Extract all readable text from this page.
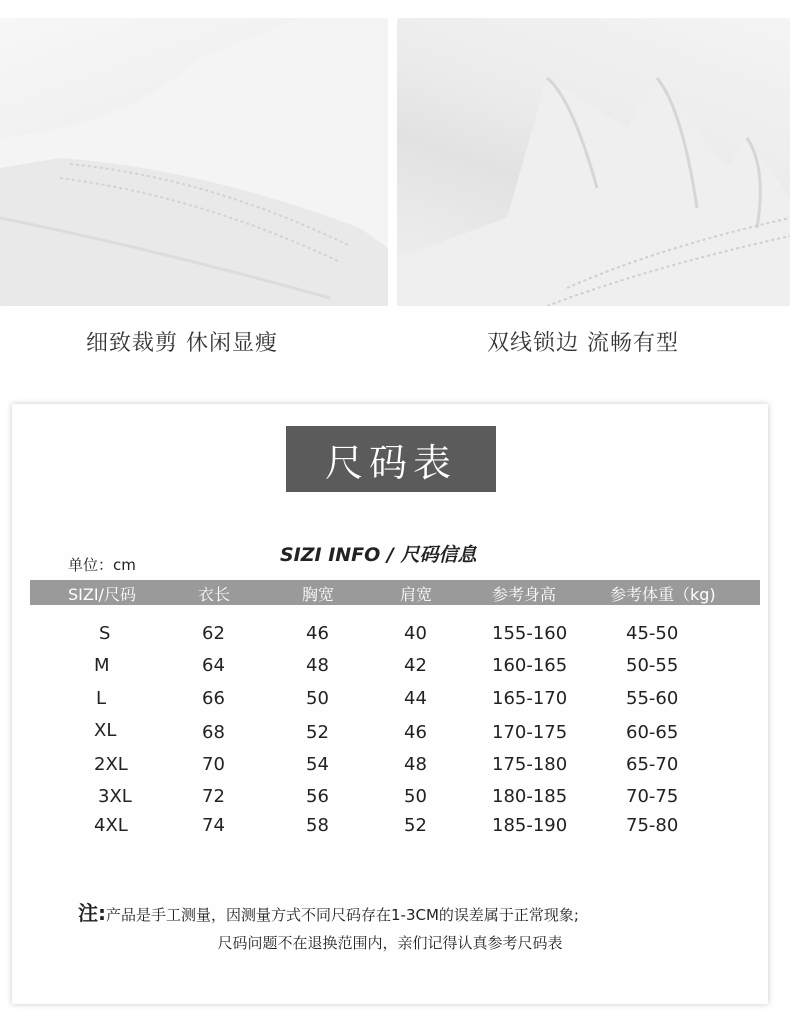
细致裁剪 休闲显瘦	双线锁边 流畅有型
尺码表
SIZI INFO / 尺码信息
单位：cm
SIZI/尺码	衣长	胸宽	肩宽	参考身高	参考体重（kg)
S	62	46	40	155-160	45-50
M	64	48	42	160-165	50-55
L	66	50	44	165-170	55-60
XL	68	52	46	170-175	60-65
2XL	70	54	48	175-180	65-70
3XL	72	56	50	180-185	70-75
4XL	74	58	52	185-190	75-80
注:产品是手工测量，因测量方式不同尺码存在1-3CM的误差属于正常现象;
尺码问题不在退换范围内，亲们记得认真参考尺码表
